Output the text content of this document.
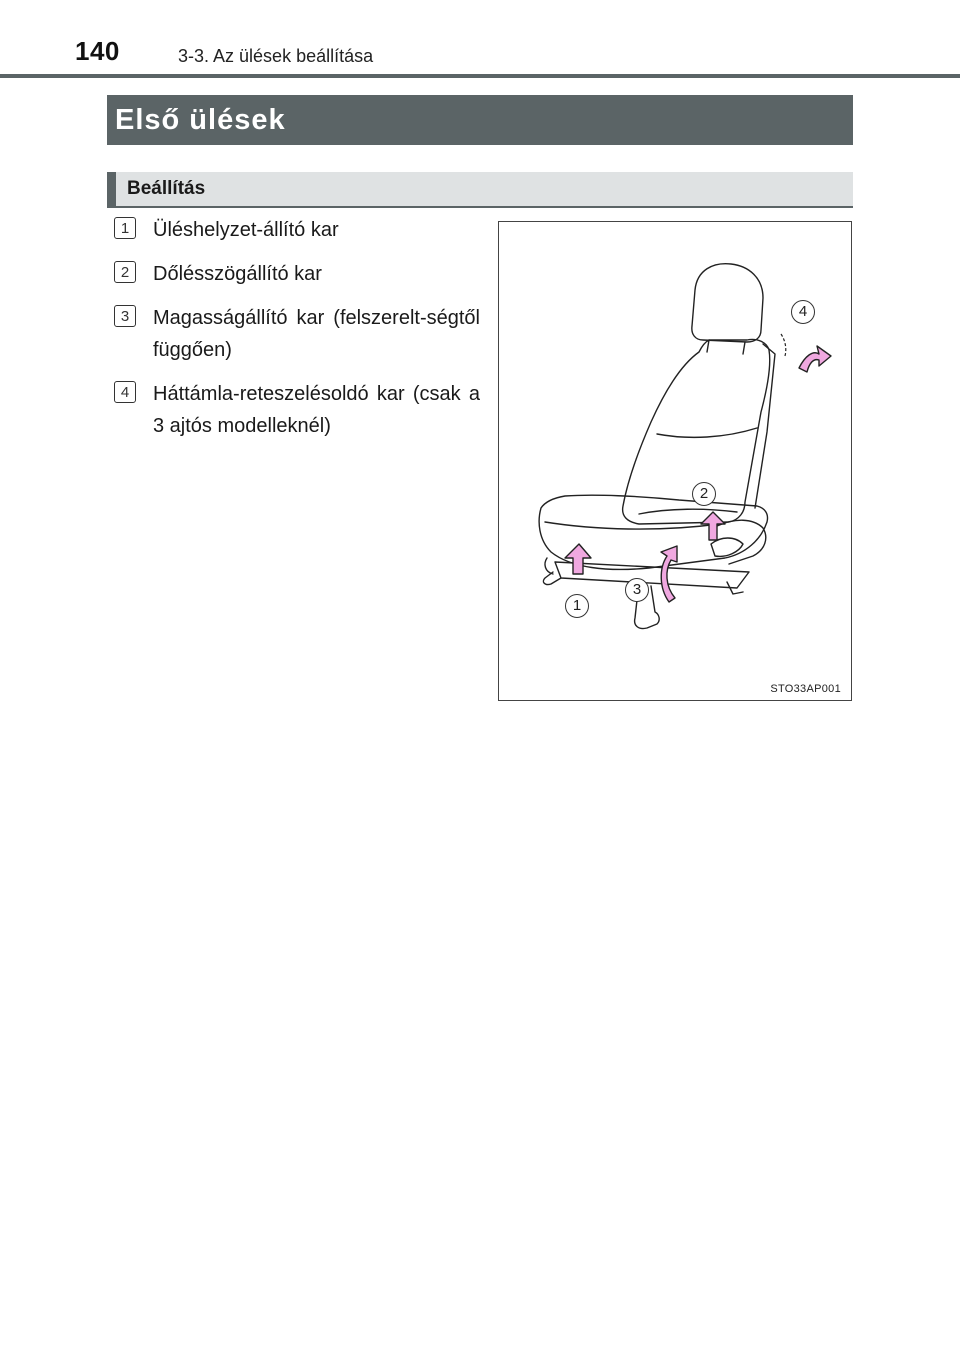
140	3-3. Az ülések beállítása
Első ülések
Beállítás
1	Üléshelyzet-állító kar
2	Dőlésszögállító kar
3	Magasságállító kar (felszerelt-ségtől függően)
4	Háttámla-reteszelésoldó kar (csak a 3 ajtós modelleknél)
1
2
3
4
STO33AP001
